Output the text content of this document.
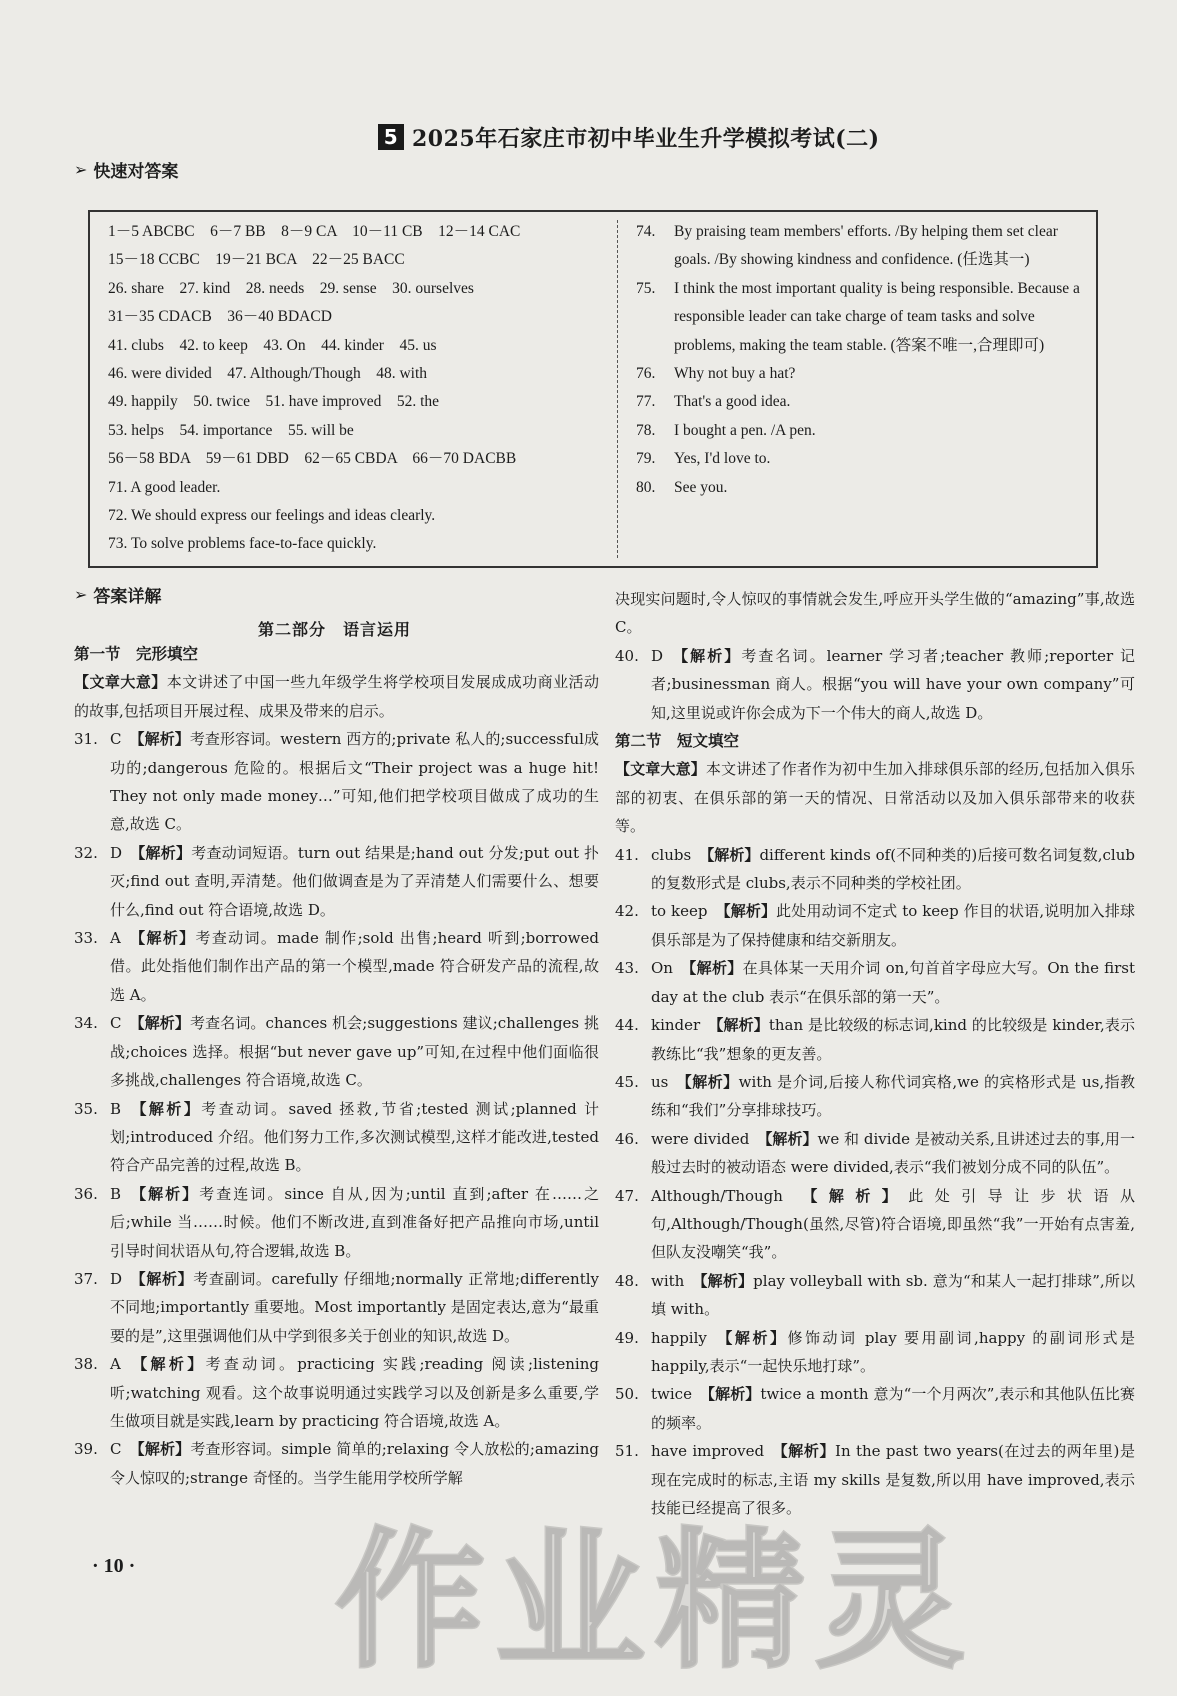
5 2025年石家庄市初中毕业生升学模拟考试(二)
➢ 快速对答案
1－5 ABCBC　6－7 BB　8－9 CA　10－11 CB　12－14 CAC
15－18 CCBC　19－21 BCA　22－25 BACC
26. share　27. kind　28. needs　29. sense　30. ourselves
31－35 CDACB　36－40 BDACD
41. clubs　42. to keep　43. On　44. kinder　45. us
46. were divided　47. Although/Though　48. with
49. happily　50. twice　51. have improved　52. the
53. helps　54. importance　55. will be
56－58 BDA　59－61 DBD　62－65 CBDA　66－70 DACBB
71. A good leader.
72. We should express our feelings and ideas clearly.
73. To solve problems face-to-face quickly.
74.	By praising team members' efforts. /By helping them set clear goals. /By showing kindness and confidence. (任选其一)
75.	I think the most important quality is being responsible. Because a responsible leader can take charge of team tasks and solve problems, making the team stable. (答案不唯一,合理即可)
76.	Why not buy a hat?
77.	That's a good idea.
78.	I bought a pen. /A pen.
79.	Yes, I'd love to.
80.	See you.
➢ 答案详解
第二部分　语言运用
第一节　完形填空
【文章大意】本文讲述了中国一些九年级学生将学校项目发展成成功商业活动的故事,包括项目开展过程、成果及带来的启示。
31. C 【解析】考查形容词。western 西方的;private 私人的;successful成功的;dangerous 危险的。根据后文“Their project was a huge hit! They not only made money…”可知,他们把学校项目做成了成功的生意,故选 C。
32. D 【解析】考查动词短语。turn out 结果是;hand out 分发;put out 扑灭;find out 查明,弄清楚。他们做调查是为了弄清楚人们需要什么、想要什么,find out 符合语境,故选 D。
33. A 【解析】考查动词。made 制作;sold 出售;heard 听到;borrowed借。此处指他们制作出产品的第一个模型,made 符合研发产品的流程,故选 A。
34. C 【解析】考查名词。chances 机会;suggestions 建议;challenges 挑战;choices 选择。根据“but never gave up”可知,在过程中他们面临很多挑战,challenges 符合语境,故选 C。
35. B 【解析】考查动词。saved 拯救,节省;tested 测试;planned 计划;introduced 介绍。他们努力工作,多次测试模型,这样才能改进,tested 符合产品完善的过程,故选 B。
36. B 【解析】考查连词。since 自从,因为;until 直到;after 在……之后;while 当……时候。他们不断改进,直到准备好把产品推向市场,until 引导时间状语从句,符合逻辑,故选 B。
37. D 【解析】考查副词。carefully 仔细地;normally 正常地;differently不同地;importantly 重要地。Most importantly 是固定表达,意为“最重要的是”,这里强调他们从中学到很多关于创业的知识,故选 D。
38. A 【解析】考查动词。practicing 实践;reading 阅读;listening 听;watching 观看。这个故事说明通过实践学习以及创新是多么重要,学生做项目就是实践,learn by practicing 符合语境,故选 A。
39. C 【解析】考查形容词。simple 简单的;relaxing 令人放松的;amazing 令人惊叹的;strange 奇怪的。当学生能用学校所学解
决现实问题时,令人惊叹的事情就会发生,呼应开头学生做的“amazing”事,故选 C。
40. D 【解析】考查名词。learner 学习者;teacher 教师;reporter 记者;businessman 商人。根据“you will have your own company”可知,这里说或许你会成为下一个伟大的商人,故选 D。
第二节　短文填空
【文章大意】本文讲述了作者作为初中生加入排球俱乐部的经历,包括加入俱乐部的初衷、在俱乐部的第一天的情况、日常活动以及加入俱乐部带来的收获等。
41. clubs 【解析】different kinds of(不同种类的)后接可数名词复数,club 的复数形式是 clubs,表示不同种类的学校社团。
42. to keep 【解析】此处用动词不定式 to keep 作目的状语,说明加入排球俱乐部是为了保持健康和结交新朋友。
43. On 【解析】在具体某一天用介词 on,句首首字母应大写。On the first day at the club 表示“在俱乐部的第一天”。
44. kinder 【解析】than 是比较级的标志词,kind 的比较级是 kinder,表示教练比“我”想象的更友善。
45. us 【解析】with 是介词,后接人称代词宾格,we 的宾格形式是 us,指教练和“我们”分享排球技巧。
46. were divided 【解析】we 和 divide 是被动关系,且讲述过去的事,用一般过去时的被动语态 were divided,表示“我们被划分成不同的队伍”。
47. Although/Though 【解析】此处引导让步状语从句,Although/Though(虽然,尽管)符合语境,即虽然“我”一开始有点害羞,但队友没嘲笑“我”。
48. with 【解析】play volleyball with sb. 意为“和某人一起打排球”,所以填 with。
49. happily 【解析】修饰动词 play 要用副词,happy 的副词形式是 happily,表示“一起快乐地打球”。
50. twice 【解析】twice a month 意为“一个月两次”,表示和其他队伍比赛的频率。
51. have improved 【解析】In the past two years(在过去的两年里)是现在完成时的标志,主语 my skills 是复数,所以用 have improved,表示技能已经提高了很多。
· 10 · 作业精灵
